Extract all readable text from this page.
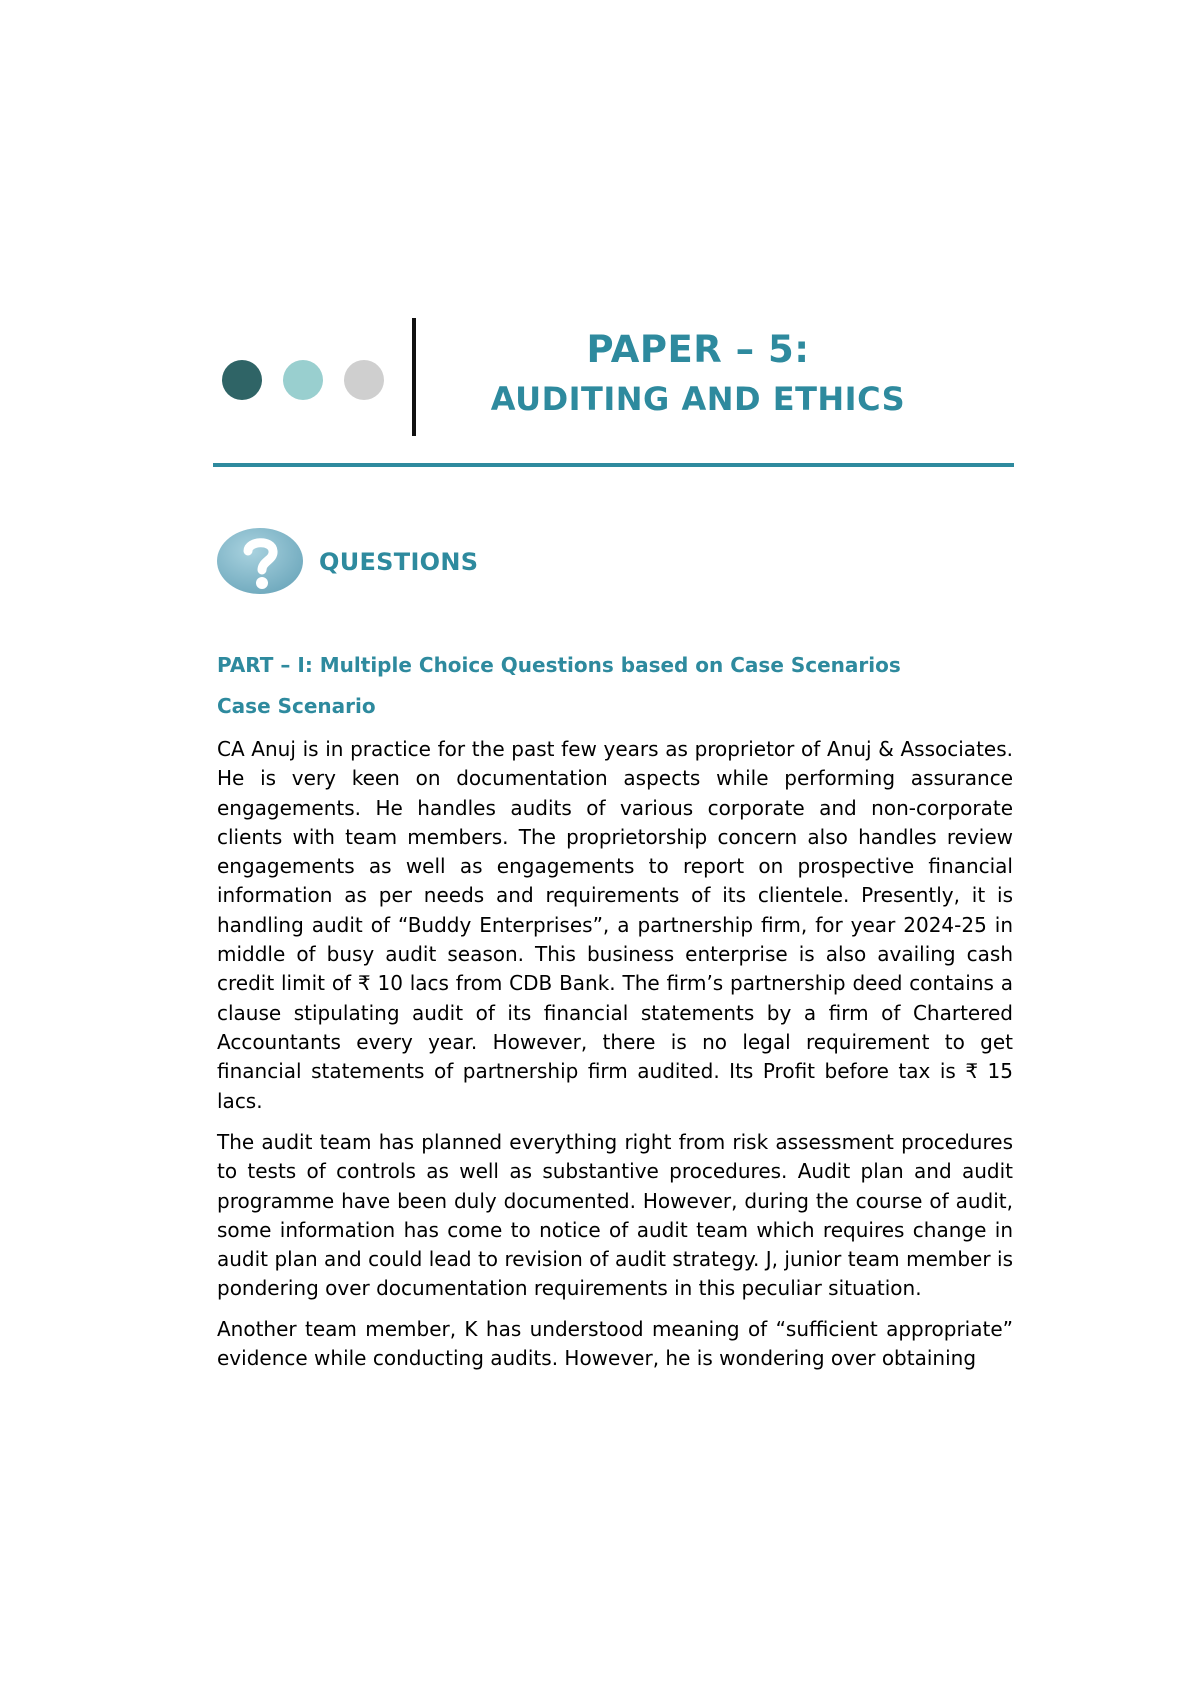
PAPER – 5:
AUDITING AND ETHICS
QUESTIONS
PART – I: Multiple Choice Questions based on Case Scenarios
Case Scenario

CA Anuj is in practice for the past few years as proprietor of Anuj & Associates. He is very keen on documentation aspects while performing assurance engagements. He handles audits of various corporate and non-corporate clients with team members. The proprietorship concern also handles review engagements as well as engagements to report on prospective financial information as per needs and requirements of its clientele. Presently, it is handling audit of “Buddy Enterprises”, a partnership firm, for year 2024-25 in middle of busy audit season. This business enterprise is also availing cash credit limit of ₹ 10 lacs from CDB Bank. The firm’s partnership deed contains a clause stipulating audit of its financial statements by a firm of Chartered Accountants every year. However, there is no legal requirement to get financial statements of partnership firm audited. Its Profit before tax is ₹ 15 lacs.

The audit team has planned everything right from risk assessment procedures to tests of controls as well as substantive procedures. Audit plan and audit programme have been duly documented. However, during the course of audit, some information has come to notice of audit team which requires change in audit plan and could lead to revision of audit strategy. J, junior team member is pondering over documentation requirements in this peculiar situation.

Another team member, K has understood meaning of “sufficient appropriate” evidence while conducting audits. However, he is wondering over obtaining
